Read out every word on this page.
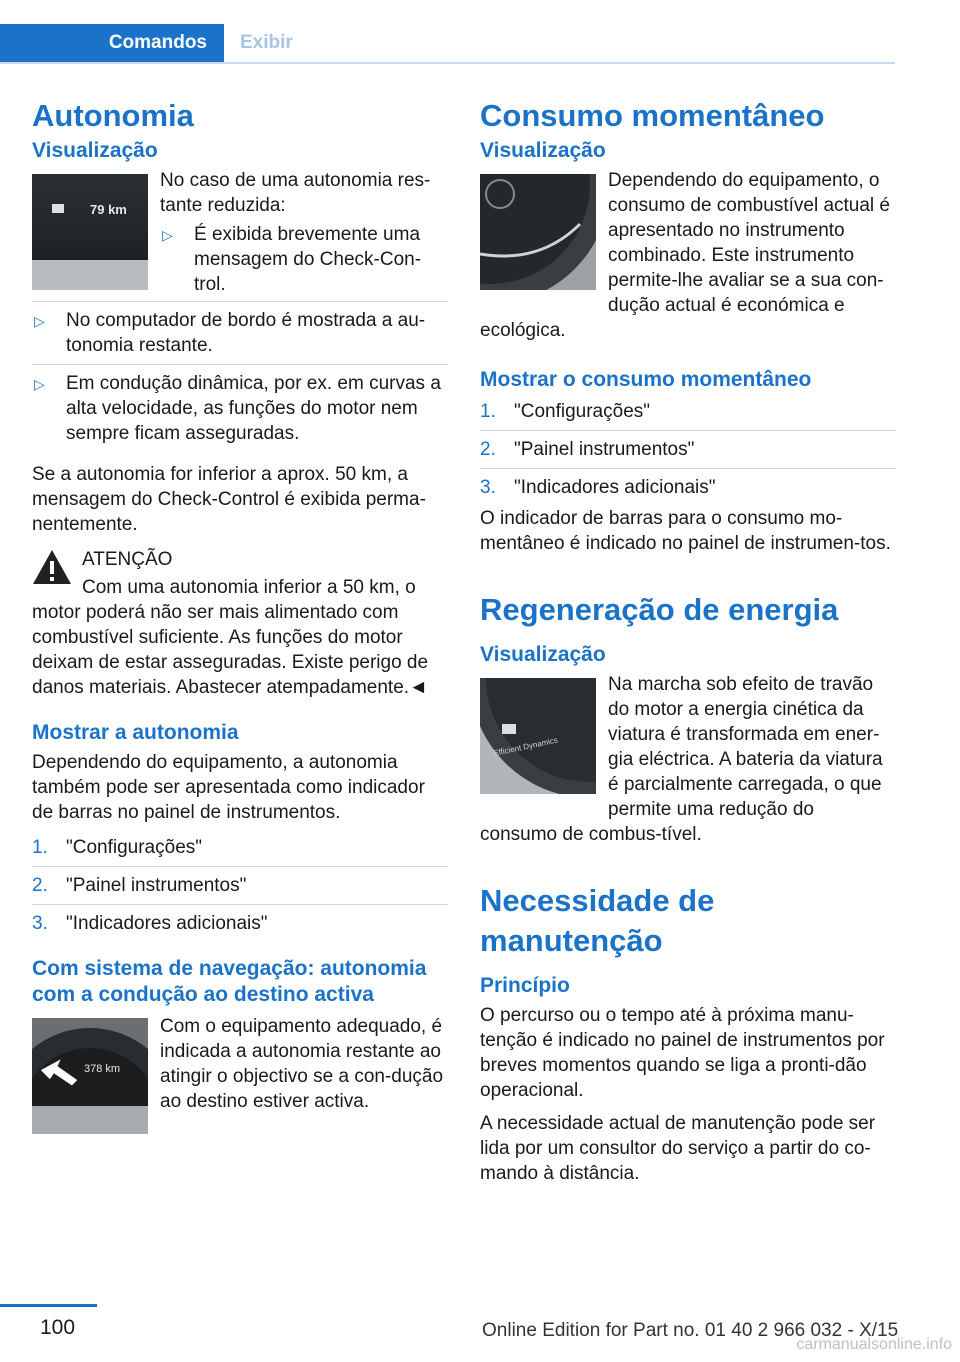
Comandos	Exibir
Autonomia
Visualização
79 km

No caso de uma autonomia res-tante reduzida:

▷ É exibida brevemente uma mensagem do Check-Con-trol.
▷ No computador de bordo é mostrada a au-tonomia restante.
▷ Em condução dinâmica, por ex. em curvas a alta velocidade, as funções do motor nem sempre ficam asseguradas.

Se a autonomia for inferior a aprox. 50 km, a mensagem do Check-Control é exibida perma-nentemente.

ATENÇÃO
Com uma autonomia inferior a 50 km, o motor poderá não ser mais alimentado com combustível suficiente. As funções do motor deixam de estar asseguradas. Existe perigo de danos materiais. Abastecer atempadamente.◄
Mostrar a autonomia

Dependendo do equipamento, a autonomia também pode ser apresentada como indicador de barras no painel de instrumentos.

1. "Configurações"
2. "Painel instrumentos"
3. "Indicadores adicionais"
Com sistema de navegação: autonomia com a condução ao destino activa
378 km

Com o equipamento adequado, é indicada a autonomia restante ao atingir o objectivo se a con-dução ao destino estiver activa.

Consumo momentâneo
Visualização

Dependendo do equipamento, o consumo de combustível actual é apresentado no instrumento combinado. Este instrumento permite-lhe avaliar se a sua con-dução actual é económica e ecológica.

Mostrar o consumo momentâneo
1. "Configurações"
2. "Painel instrumentos"
3. "Indicadores adicionais"

O indicador de barras para o consumo mo-mentâneo é indicado no painel de instrumen-tos.

Regeneração de energia
Visualização
Efficient Dynamics

Na marcha sob efeito de travão do motor a energia cinética da viatura é transformada em ener-gia eléctrica. A bateria da viatura é parcialmente carregada, o que permite uma redução do consumo de combus-tível.

Necessidade de manutenção
Princípio

O percurso ou o tempo até à próxima manu-tenção é indicado no painel de instrumentos por breves momentos quando se liga a pronti-dão operacional.

A necessidade actual de manutenção pode ser lida por um consultor do serviço a partir do co-mando à distância.

100	Online Edition for Part no. 01 40 2 966 032 - X/15
carmanualsonline.info
